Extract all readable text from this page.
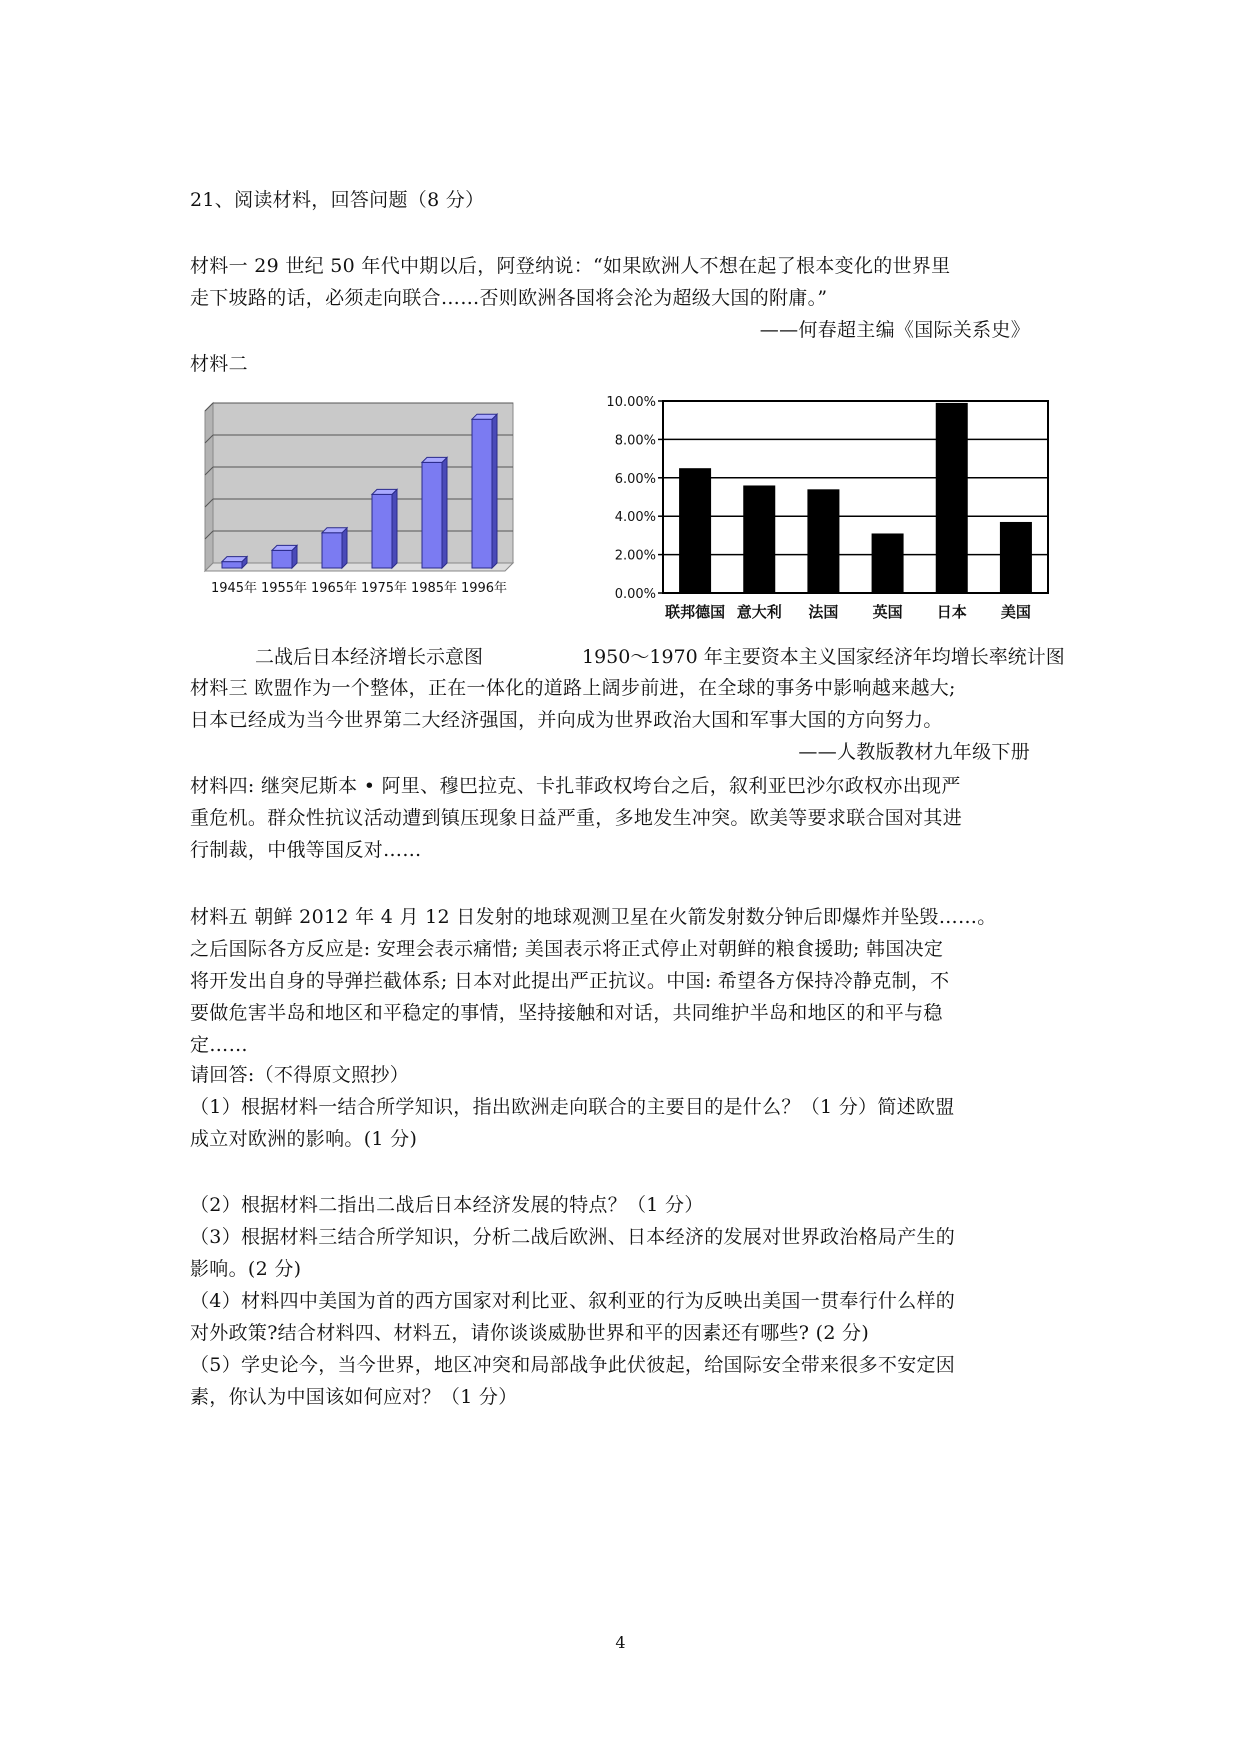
21、阅读材料，回答问题（8 分）
材料一 29 世纪 50 年代中期以后，阿登纳说：“如果欧洲人不想在起了根本变化的世界里
走下坡路的话，必须走向联合……否则欧洲各国将会沦为超级大国的附庸。”
——何春超主编《国际关系史》
材料二
1945年 1955年 1965年 1975年 1985年 1996年	0.00%
2.00%
4.00%
6.00%
8.00%
10.00%
联邦德国 意大利 法国 英国 日本 美国
二战后日本经济增长示意图	1950～1970 年主要资本主义国家经济年均增长率统计图
材料三 欧盟作为一个整体，正在一体化的道路上阔步前进，在全球的事务中影响越来越大;
日本已经成为当今世界第二大经济强国，并向成为世界政治大国和军事大国的方向努力。
——人教版教材九年级下册
材料四: 继突尼斯本 • 阿里、穆巴拉克、卡扎菲政权垮台之后，叙利亚巴沙尔政权亦出现严
重危机。群众性抗议活动遭到镇压现象日益严重，多地发生冲突。欧美等要求联合国对其进
行制裁，中俄等国反对……
材料五 朝鲜 2012 年 4 月 12 日发射的地球观测卫星在火箭发射数分钟后即爆炸并坠毁……。
之后国际各方反应是: 安理会表示痛惜; 美国表示将正式停止对朝鲜的粮食援助; 韩国决定
将开发出自身的导弹拦截体系; 日本对此提出严正抗议。中国: 希望各方保持冷静克制，不
要做危害半岛和地区和平稳定的事情，坚持接触和对话，共同维护半岛和地区的和平与稳
定……
请回答:（不得原文照抄）
（1）根据材料一结合所学知识，指出欧洲走向联合的主要目的是什么？（1 分）简述欧盟
成立对欧洲的影响。(1 分)
（2）根据材料二指出二战后日本经济发展的特点？（1 分）
（3）根据材料三结合所学知识，分析二战后欧洲、日本经济的发展对世界政治格局产生的
影响。(2 分)
（4）材料四中美国为首的西方国家对利比亚、叙利亚的行为反映出美国一贯奉行什么样的
对外政策?结合材料四、材料五，请你谈谈威胁世界和平的因素还有哪些? (2 分)
（5）学史论今，当今世界，地区冲突和局部战争此伏彼起，给国际安全带来很多不安定因
素，你认为中国该如何应对？（1 分）
4
